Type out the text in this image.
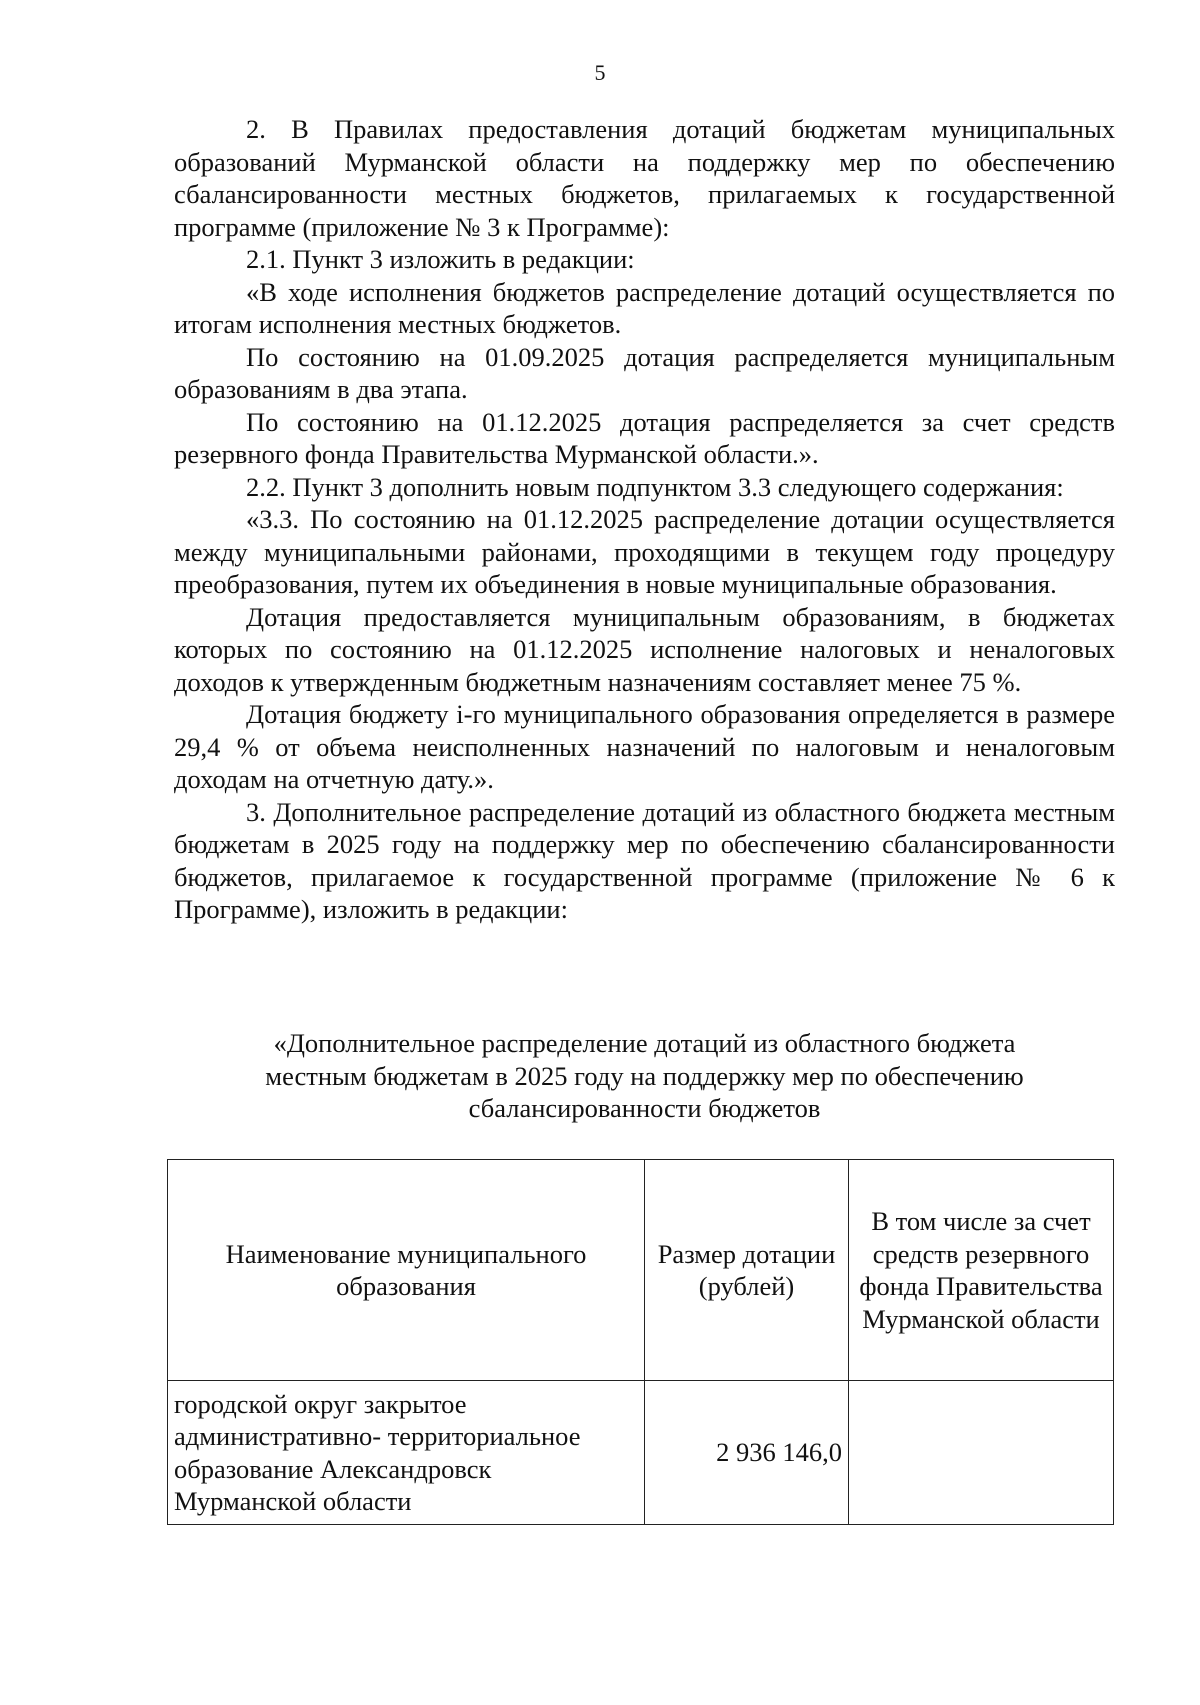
5

2. В Правилах предоставления дотаций бюджетам муниципальных образований Мурманской области на поддержку мер по обеспечению сбалансированности местных бюджетов, прилагаемых к государственной программе (приложение № 3 к Программе):

2.1. Пункт 3 изложить в редакции:

«В ходе исполнения бюджетов распределение дотаций осуществляется по итогам исполнения местных бюджетов.

По состоянию на 01.09.2025 дотация распределяется муниципальным образованиям в два этапа.

По состоянию на 01.12.2025 дотация распределяется за счет средств резервного фонда Правительства Мурманской области.».

2.2. Пункт 3 дополнить новым подпунктом 3.3 следующего содержания:

«3.3. По состоянию на 01.12.2025 распределение дотации осуществляется между муниципальными районами, проходящими в текущем году процедуру преобразования, путем их объединения в новые муниципальные образования.

Дотация предоставляется муниципальным образованиям, в бюджетах которых по состоянию на 01.12.2025 исполнение налоговых и неналоговых доходов к утвержденным бюджетным назначениям составляет менее 75 %.

Дотация бюджету i-го муниципального образования определяется в размере 29,4 % от объема неисполненных назначений по налоговым и неналоговым доходам на отчетную дату.».

3. Дополнительное распределение дотаций из областного бюджета местным бюджетам в 2025 году на поддержку мер по обеспечению сбалансированности бюджетов, прилагаемое к государственной программе (приложение № 6 к Программе), изложить в редакции:

«Дополнительное распределение дотаций из областного бюджета
местным бюджетам в 2025 году на поддержку мер по обеспечению
сбалансированности бюджетов
Наименование муниципального образования	Размер дотации (рублей)	В том числе за счет средств резервного фонда Правительства Мурманской области
городской округ закрытое административно- территориальное образование Александровск Мурманской области	2 936 146,0	
